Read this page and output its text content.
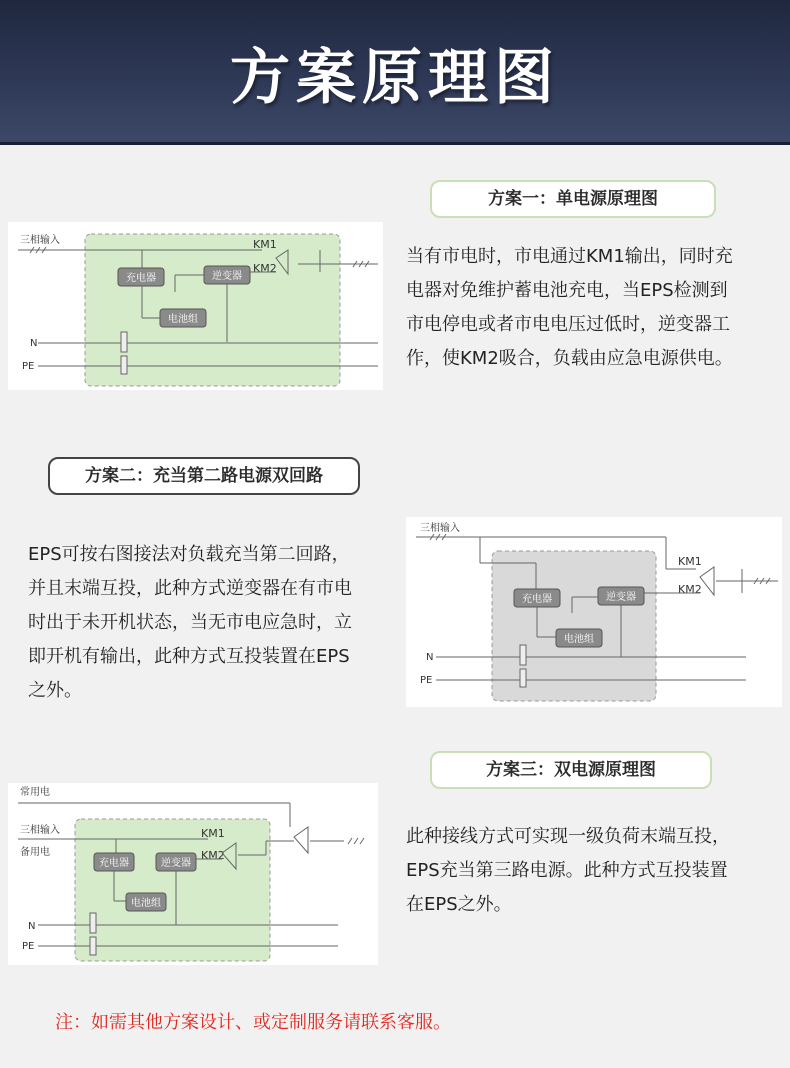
方案原理图
方案一：单电源原理图
三相输入	KM1
KM2
充电器	逆变器
电池组
N
PE
当有市电时，市电通过KM1输出，同时充
电器对免维护蓄电池充电，当EPS检测到
市电停电或者市电电压过低时，逆变器工
作，使KM2吸合，负载由应急电源供电。
方案二：充当第二路电源双回路
EPS可按右图接法对负载充当第二回路，
并且末端互投，此种方式逆变器在有市电
时出于未开机状态，当无市电应急时，立
即开机有输出，此种方式互投装置在EPS
之外。
三相输入
KM1
KM2
充电器	逆变器
电池组
N
PE
方案三：双电源原理图
常用电
三相输入
备用电
KM1
KM2
充电器	逆变器
电池组
N
PE
此种接线方式可实现一级负荷末端互投，
EPS充当第三路电源。此种方式互投装置
在EPS之外。
注：如需其他方案设计、或定制服务请联系客服。
